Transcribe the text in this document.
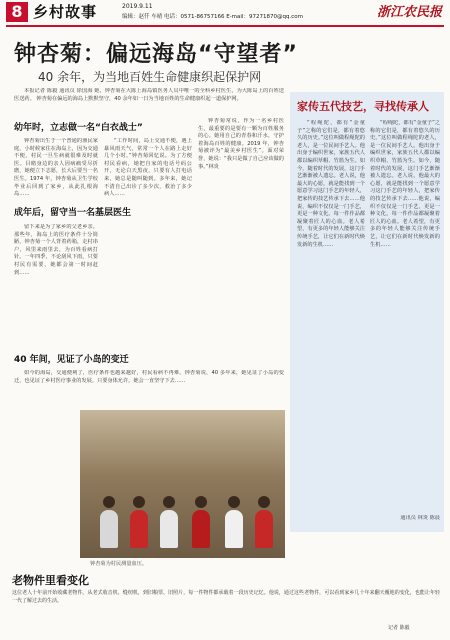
8 乡村故事	2019.9.11
编辑：赵仟 车晴 电话：0571-86757166 E-mail：97271870@qq.com	浙江农民报
钟杏菊：偏远海岛“守望者”
40 余年，为当地百姓生命健康织起保护网

本报记者 陈毅 通讯员 徐国海 她，钟杏菊在大陈上海岛镇医务人员中唯一的全科乡村医生，为大陈岛上的百姓送医送药。 钟杏菊在偏远的海岛上默默坚守，40 余年如一日为当地百姓的生命健康织起一道保护网。

幼年时，立志做一名“白衣战士”

钟杏菊出生于一个普通的渔民家庭，小时候家住在海岛上，因为交通不便，村民一旦生病就很难及时就医。目睹身边的亲人因病痛受尽折磨，她便立下志愿，长大后要当一名医生。1974 年，钟杏菊从卫生学校毕业后回到了家乡，从此扎根海岛……

成年后，留守当一名基层医生

留下来是为了家乡的父老乡亲。那些年，海岛上的医疗条件十分简陋，钟杏菊一个人背着药箱，走村串户，风里来雨里去，为百姓看病打针。一年四季，不论刮风下雨，只要村民有需要，她都会第一时间赶到……

“工作时间，岛上交通不便，遇上暴风雨天气，常常一个人在路上走好几个小时。”钟杏菊回忆说。为了方便村民看病，她把自家的电话号码公开，无论白天黑夜，只要有人打电话来，她总是随叫随到。多年来，她记不清自己出诊了多少次，救治了多少病人……

钟杏菊常说，作为一名乡村医生，最重要的是要有一颗为百姓服务的心。她用自己的青春和汗水，守护着海岛百姓的健康。2019 年，钟杏菊被评为“最美乡村医生”。面对荣誉，她说：“我只是做了自己应该做的事。”林炎

40 年间，见证了小岛的变迁

如今的海岛，交通便利了，医疗条件也越来越好，村民看病不再难。钟杏菊说，40 多年来，她见证了小岛的变迁，也见证了乡村医疗事业的发展。只要身体允许，她会一直坚守下去……

钟杏菊为村民测量血压。
家传五代技艺，寻找传承人

“程绳陀，都有“金童子”之称的它们是，都有着悠久的历史。”这位叫做程绳陀的老人，是一位民间手艺人。他出身于编织世家，家族五代人都以编织草帽、竹篮为生。如今，随着时代的发展，这门手艺渐渐被人遗忘。老人说，他最大的心愿，就是能找到一个愿意学习这门手艺的年轻人，把家传的技艺传承下去……他说，编织不仅仅是一门手艺，更是一种文化。每一件作品都凝聚着匠人的心血。老人希望，有更多的年轻人能够关注传统手艺，让它们在新时代焕发新的生机……

“程绳陀，都有“金童子”之称的它们是，都有着悠久的历史。”这位叫做程绳陀的老人，是一位民间手艺人。他出身于编织世家，家族五代人都以编织草帽、竹篮为生。如今，随着时代的发展，这门手艺渐渐被人遗忘。老人说，他最大的心愿，就是能找到一个愿意学习这门手艺的年轻人，把家传的技艺传承下去……他说，编织不仅仅是一门手艺，更是一种文化。每一件作品都凝聚着匠人的心血。老人希望，有更多的年轻人能够关注传统手艺，让它们在新时代焕发新的生机……

通讯员 林炎 陈晨
老物件里看变化
这位老人十年前开始收藏老物件。从老式收音机、缝纫机，到旧粮票、旧照片，每一件物件都承载着一段历史记忆。他说，通过这些老物件，可以看到家乡几十年来翻天覆地的变化，也能让年轻一代了解过去的生活。
记者 陈毅
